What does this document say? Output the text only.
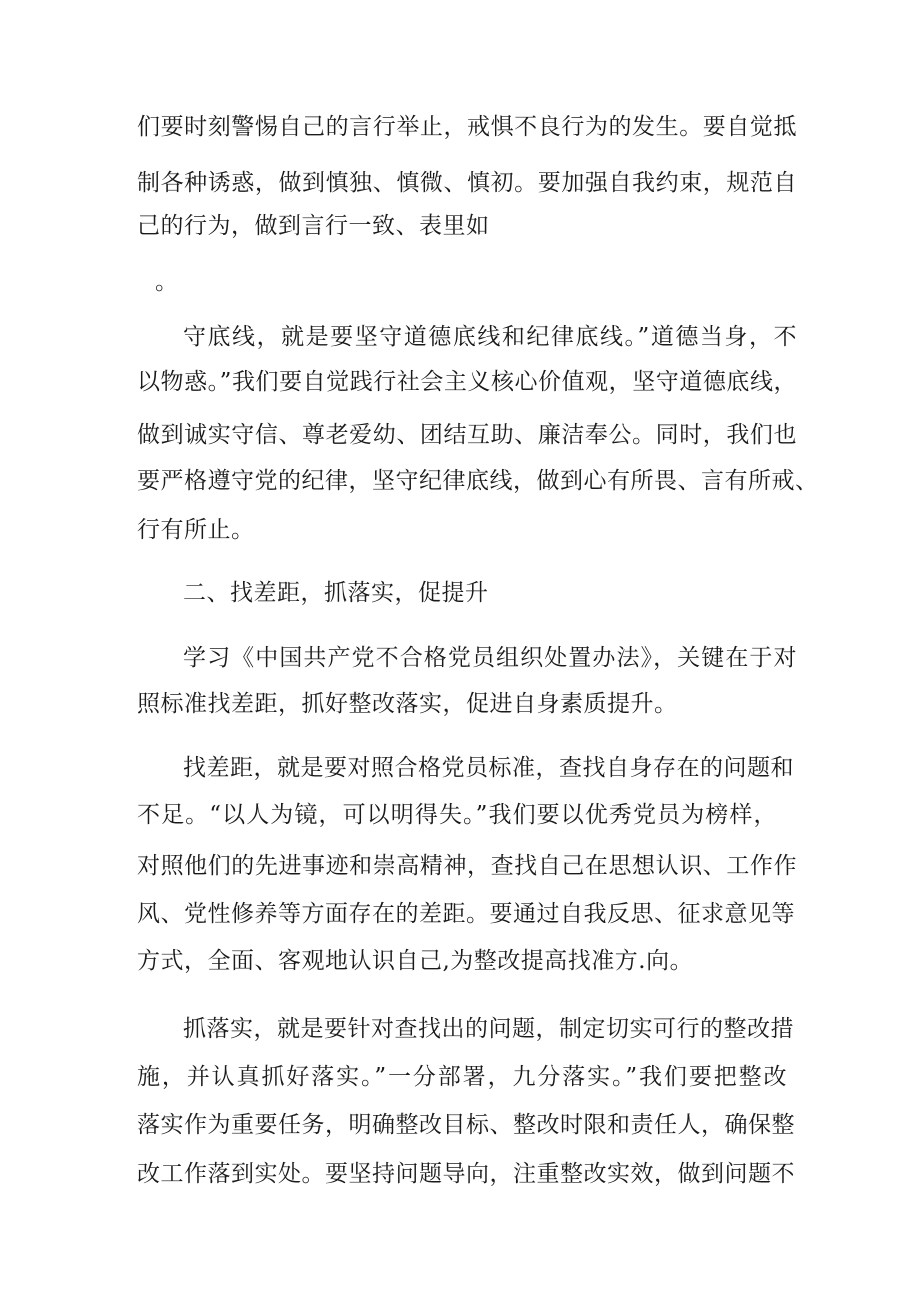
们要时刻警惕自己的言行举止，戒惧不良行为的发生。要自觉抵
制各种诱惑，做到慎独、慎微、慎初。要加强自我约束，规范自
己的行为，做到言行一致、表里如
。
守底线，就是要坚守道德底线和纪律底线。”道德当身，不
以物惑。”我们要自觉践行社会主义核心价值观，坚守道德底线，
做到诚实守信、尊老爱幼、团结互助、廉洁奉公。同时，我们也
要严格遵守党的纪律，坚守纪律底线，做到心有所畏、言有所戒、
行有所止。
二、找差距，抓落实，促提升
学习《中国共产党不合格党员组织处置办法》，关键在于对
照标准找差距，抓好整改落实，促进自身素质提升。
找差距，就是要对照合格党员标准，查找自身存在的问题和
不足。“以人为镜，可以明得失。”我们要以优秀党员为榜样，
对照他们的先进事迹和崇高精神，查找自己在思想认识、工作作
风、党性修养等方面存在的差距。要通过自我反思、征求意见等
方式，全面、客观地认识自己,为整改提高找准方.向。
抓落实，就是要针对查找出的问题，制定切实可行的整改措
施，并认真抓好落实。”一分部署，九分落实。”我们要把整改
落实作为重要任务，明确整改目标、整改时限和责任人，确保整
改工作落到实处。要坚持问题导向，注重整改实效，做到问题不
